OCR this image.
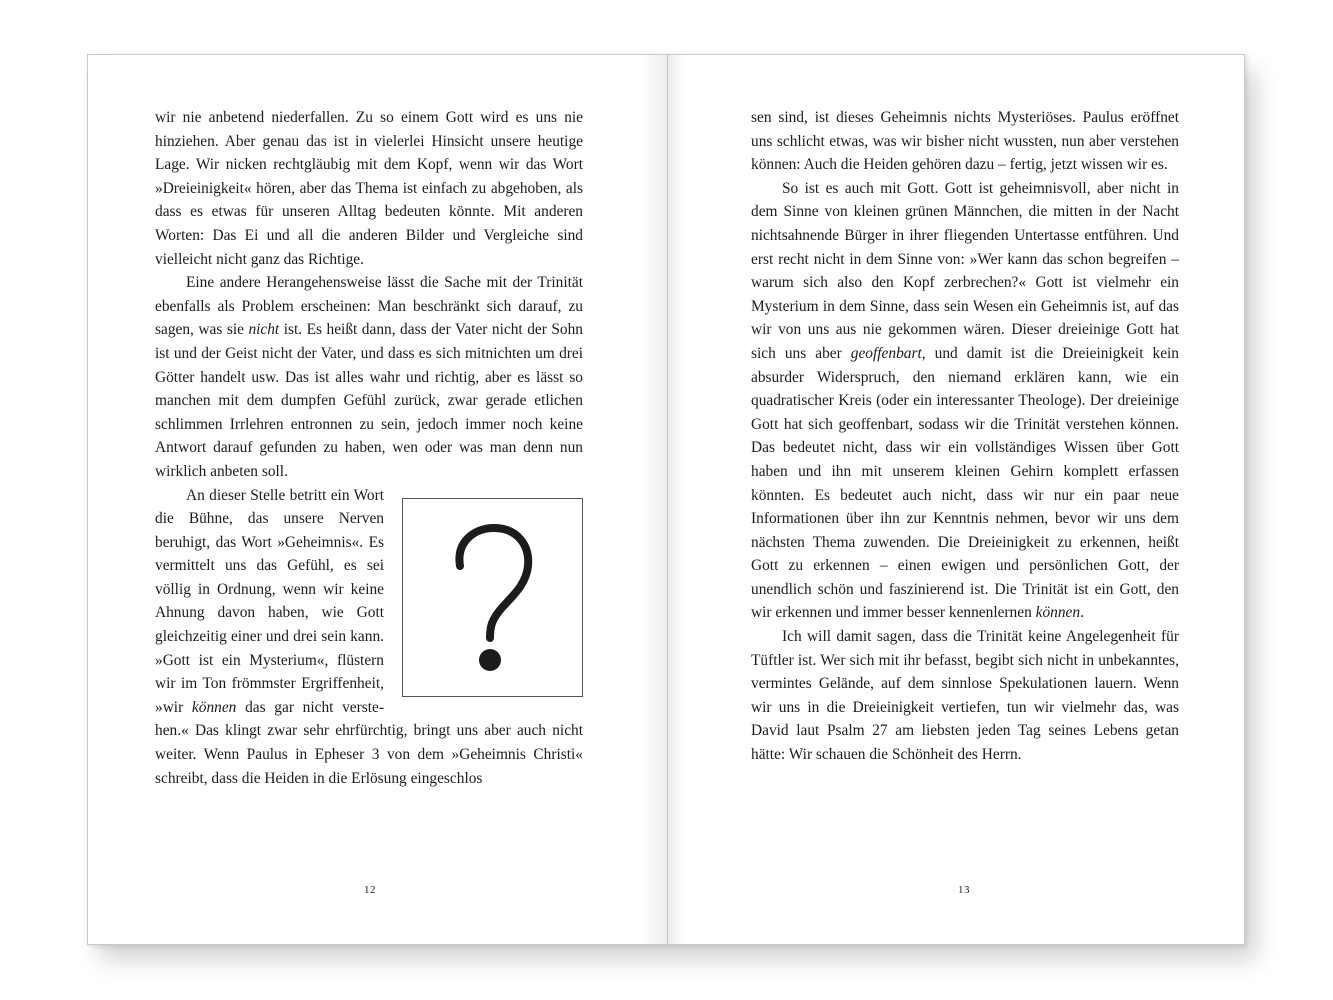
wir nie anbetend niederfallen. Zu so einem Gott wird es uns nie hinziehen. Aber genau das ist in vielerlei Hinsicht unsere heutige Lage. Wir nicken rechtgläubig mit dem Kopf, wenn wir das Wort »Dreieinigkeit« hören, aber das Thema ist einfach zu abgehoben, als dass es etwas für unseren Alltag bedeuten könnte. Mit anderen Worten: Das Ei und all die anderen Bilder und Vergleiche sind vielleicht nicht ganz das Richtige.

Eine andere Herangehensweise lässt die Sache mit der Trinität ebenfalls als Problem erscheinen: Man beschränkt sich darauf, zu sagen, was sie nicht ist. Es heißt dann, dass der Vater nicht der Sohn ist und der Geist nicht der Vater, und dass es sich mitnichten um drei Götter handelt usw. Das ist alles wahr und richtig, aber es lässt so manchen mit dem dumpfen Gefühl zurück, zwar gerade etlichen schlimmen Irrlehren entronnen zu sein, jedoch immer noch keine Antwort darauf gefunden zu haben, wen oder was man denn nun wirklich anbeten soll.

An dieser Stelle betritt ein Wort die Bühne, das unsere Nerven beruhigt, das Wort »Geheimnis«. Es vermittelt uns das Gefühl, es sei völlig in Ordnung, wenn wir keine Ahnung davon haben, wie Gott gleichzeitig einer und drei sein kann. »Gott ist ein Mysterium«, flüstern wir im Ton frömmster Ergriffenheit, »wir können das gar nicht verstehen.« Das klingt zwar sehr ehrfürchtig, bringt uns aber auch nicht weiter. Wenn Paulus in Epheser 3 von dem »Geheimnis Christi« schreibt, dass die Heiden in die Erlösung eingeschlos

12

sen sind, ist dieses Geheimnis nichts Mysteriöses. Paulus eröffnet uns schlicht etwas, was wir bisher nicht wussten, nun aber verstehen können: Auch die Heiden gehören dazu – fertig, jetzt wissen wir es.

So ist es auch mit Gott. Gott ist geheimnisvoll, aber nicht in dem Sinne von kleinen grünen Männchen, die mitten in der Nacht nichtsahnende Bürger in ihrer fliegenden Untertasse entführen. Und erst recht nicht in dem Sinne von: »Wer kann das schon begreifen – warum sich also den Kopf zerbrechen?« Gott ist vielmehr ein Mysterium in dem Sinne, dass sein Wesen ein Geheimnis ist, auf das wir von uns aus nie gekommen wären. Dieser dreieinige Gott hat sich uns aber geoffenbart, und damit ist die Dreieinigkeit kein absurder Widerspruch, den niemand erklären kann, wie ein quadratischer Kreis (oder ein interessanter Theologe). Der dreieinige Gott hat sich geoffenbart, sodass wir die Trinität verstehen können. Das bedeutet nicht, dass wir ein vollständiges Wissen über Gott haben und ihn mit unserem kleinen Gehirn komplett erfassen könnten. Es bedeutet auch nicht, dass wir nur ein paar neue Informationen über ihn zur Kenntnis nehmen, bevor wir uns dem nächsten Thema zuwenden. Die Dreieinigkeit zu erkennen, heißt Gott zu erkennen – einen ewigen und persönlichen Gott, der unendlich schön und faszinierend ist. Die Trinität ist ein Gott, den wir erkennen und immer besser kennenlernen können.

Ich will damit sagen, dass die Trinität keine Angelegenheit für Tüftler ist. Wer sich mit ihr befasst, begibt sich nicht in unbekanntes, vermintes Gelände, auf dem sinnlose Spekulationen lauern. Wenn wir uns in die Dreieinigkeit vertiefen, tun wir vielmehr das, was David laut Psalm 27 am liebsten jeden Tag seines Lebens getan hätte: Wir schauen die Schönheit des Herrn.

13
